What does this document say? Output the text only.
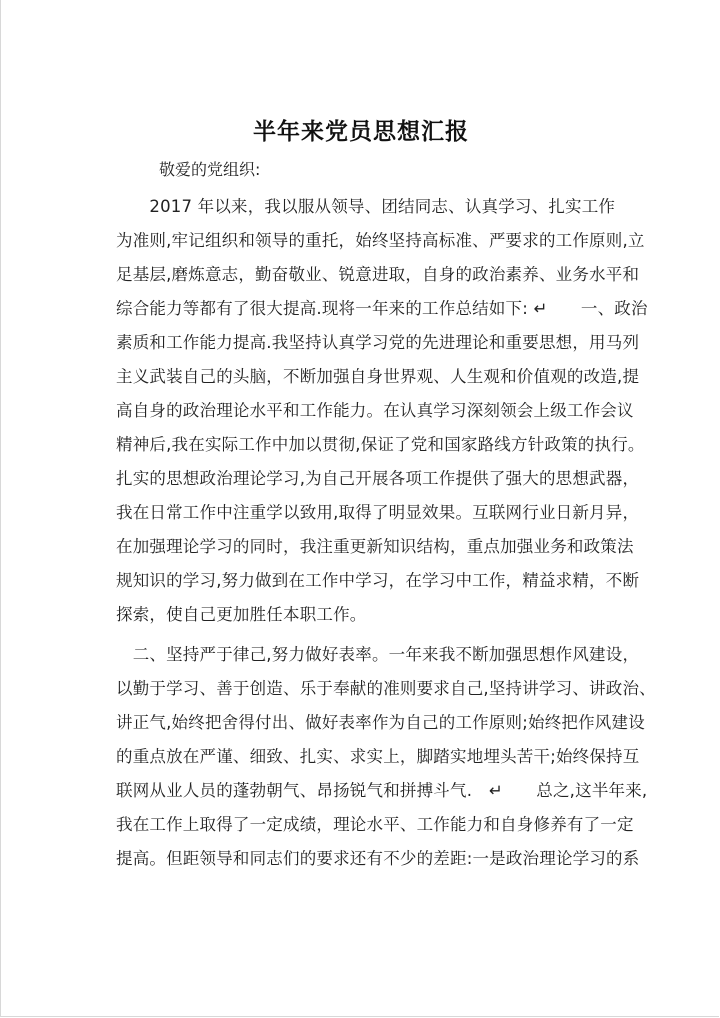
半年来党员思想汇报
敬爱的党组织:
　　2017 年以来，我以服从领导、团结同志、认真学习、扎实工作
为准则,牢记组织和领导的重托，始终坚持高标准、严要求的工作原则,立
足基层,磨炼意志，勤奋敬业、锐意进取，自身的政治素养、业务水平和
综合能力等都有了很大提高.现将一年来的工作总结如下: ↵　　一、政治
素质和工作能力提高.我坚持认真学习党的先进理论和重要思想，用马列
主义武装自己的头脑，不断加强自身世界观、人生观和价值观的改造,提
高自身的政治理论水平和工作能力。在认真学习深刻领会上级工作会议
精神后,我在实际工作中加以贯彻,保证了党和国家路线方针政策的执行。
扎实的思想政治理论学习,为自己开展各项工作提供了强大的思想武器，
我在日常工作中注重学以致用,取得了明显效果。互联网行业日新月异，
在加强理论学习的同时，我注重更新知识结构，重点加强业务和政策法
规知识的学习,努力做到在工作中学习，在学习中工作，精益求精，不断
探索，使自己更加胜任本职工作。
　二、坚持严于律己,努力做好表率。一年来我不断加强思想作风建设，
以勤于学习、善于创造、乐于奉献的准则要求自己,坚持讲学习、讲政治、
讲正气,始终把舍得付出、做好表率作为自己的工作原则;始终把作风建设
的重点放在严谨、细致、扎实、求实上，脚踏实地埋头苦干;始终保持互
联网从业人员的蓬勃朝气、昂扬锐气和拼搏斗气.　↵　　总之,这半年来,
我在工作上取得了一定成绩，理论水平、工作能力和自身修养有了一定
提高。但距领导和同志们的要求还有不少的差距:一是政治理论学习的系
